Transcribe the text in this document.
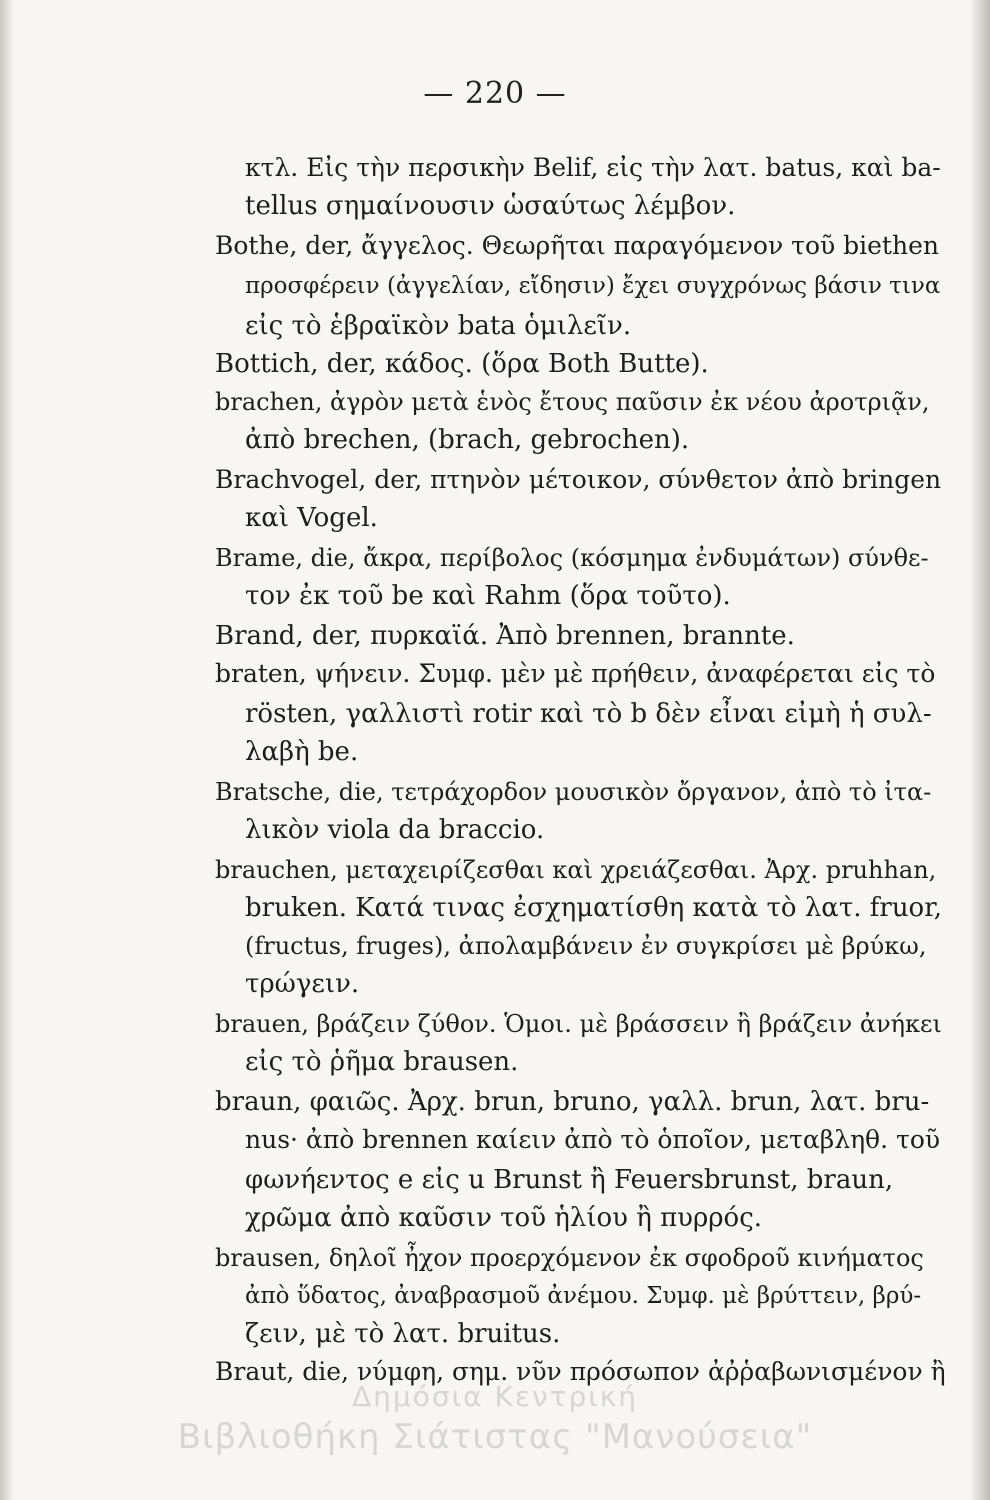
— 220 —
κτλ. Εἰς τὴν περσικὴν Belif, εἰς τὴν λατ. batus, καὶ ba-
tellus σημαίνουσιν ὡσαύτως λέμβον.
Bothe, der, ἄγγελος. Θεωρῆται παραγόμενον τοῦ biethen
προσφέρειν (ἀγγελίαν, εἴδησιν) ἔχει συγχρόνως βάσιν τινα
εἰς τὸ ἑβραϊκὸν bata ὁμιλεῖν.
Bottich, der, κάδος. (ὅρα Both Butte).
brachen, ἀγρὸν μετὰ ἑνὸς ἔτους παῦσιν ἐκ νέου ἀροτριᾷν,
ἀπὸ brechen, (brach, gebrochen).
Brachvogel, der, πτηνὸν μέτοικον, σύνθετον ἀπὸ bringen
καὶ Vogel.
Brame, die, ἄκρα, περίβολος (κόσμημα ἐνδυμάτων) σύνθε-
τον ἐκ τοῦ be καὶ Rahm (ὅρα τοῦτο).
Brand, der, πυρκαϊά. Ἀπὸ brennen, brannte.
braten, ψήνειν. Συμφ. μὲν μὲ πρήθειν, ἀναφέρεται εἰς τὸ
rösten, γαλλιστὶ rotir καὶ τὸ b δὲν εἶναι εἰμὴ ἡ συλ-
λαβὴ be.
Bratsche, die, τετράχορδον μουσικὸν ὄργανον, ἀπὸ τὸ ἰτα-
λικὸν viola da braccio.
brauchen, μεταχειρίζεσθαι καὶ χρειάζεσθαι. Ἀρχ. pruhhan,
bruken. Κατά τινας ἐσχηματίσθη κατὰ τὸ λατ. fruor,
(fructus, fruges), ἀπολαμβάνειν ἐν συγκρίσει μὲ βρύκω,
τρώγειν.
brauen, βράζειν ζύθον. Ὁμοι. μὲ βράσσειν ἢ βράζειν ἀνήκει
εἰς τὸ ῥῆμα brausen.
braun, φαιῶς. Ἀρχ. brun, bruno, γαλλ. brun, λατ. bru-
nus· ἀπὸ brennen καίειν ἀπὸ τὸ ὁποῖον, μεταβληθ. τοῦ
φωνήεντος e εἰς u Brunst ἢ Feuersbrunst, braun,
χρῶμα ἀπὸ καῦσιν τοῦ ἡλίου ἢ πυρρός.
brausen, δηλοῖ ἦχον προερχόμενον ἐκ σφοδροῦ κινήματος
ἀπὸ ὕδατος, ἀναβρασμοῦ ἀνέμου. Συμφ. μὲ βρύττειν, βρύ-
ζειν, μὲ τὸ λατ. bruitus.
Braut, die, νύμφη, σημ. νῦν πρόσωπον ἀῤῥαβωνισμένον ἢ
Δημόσια Κεντρική
Βιβλιοθήκη Σιάτιστας "Μανούσεια"
